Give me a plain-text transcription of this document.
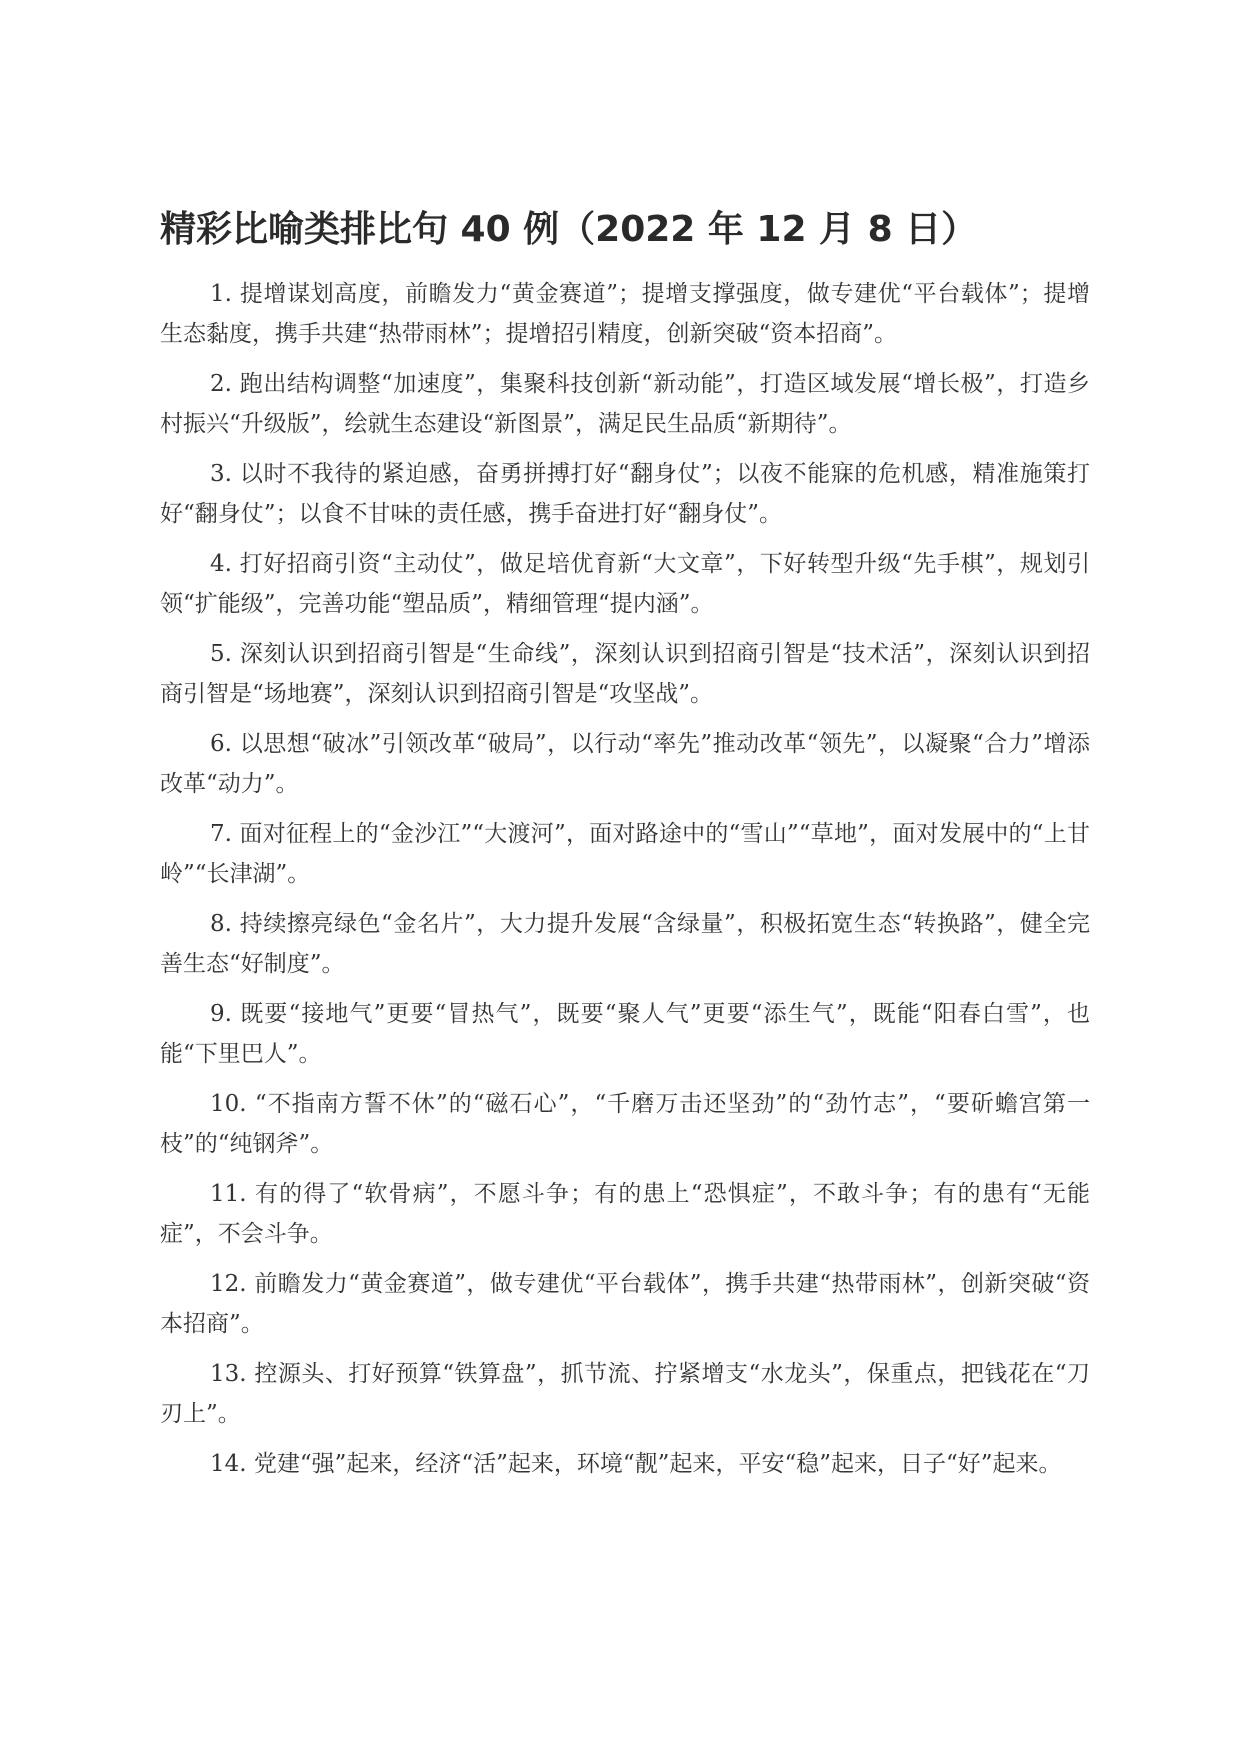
精彩比喻类排比句 40 例（2022 年 12 月 8 日）

1. 提增谋划高度，前瞻发力“黄金赛道”；提增支撑强度，做专建优“平台载体”；提增生态黏度，携手共建“热带雨林”；提增招引精度，创新突破“资本招商”。

2. 跑出结构调整“加速度”，集聚科技创新“新动能”，打造区域发展“增长极”，打造乡村振兴“升级版”，绘就生态建设“新图景”，满足民生品质“新期待”。

3. 以时不我待的紧迫感，奋勇拼搏打好“翻身仗”；以夜不能寐的危机感，精准施策打好“翻身仗”；以食不甘味的责任感，携手奋进打好“翻身仗”。

4. 打好招商引资“主动仗”，做足培优育新“大文章”，下好转型升级“先手棋”，规划引领“扩能级”，完善功能“塑品质”，精细管理“提内涵”。

5. 深刻认识到招商引智是“生命线”，深刻认识到招商引智是“技术活”，深刻认识到招商引智是“场地赛”，深刻认识到招商引智是“攻坚战”。

6. 以思想“破冰”引领改革“破局”，以行动“率先”推动改革“领先”，以凝聚“合力”增添改革“动力”。

7. 面对征程上的“金沙江”“大渡河”，面对路途中的“雪山”“草地”，面对发展中的“上甘岭”“长津湖”。

8. 持续擦亮绿色“金名片”，大力提升发展“含绿量”，积极拓宽生态“转换路”，健全完善生态“好制度”。

9. 既要“接地气”更要“冒热气”，既要“聚人气”更要“添生气”，既能“阳春白雪”，也能“下里巴人”。

10. “不指南方誓不休”的“磁石心”，“千磨万击还坚劲”的“劲竹志”，“要斫蟾宫第一枝”的“纯钢斧”。

11. 有的得了“软骨病”，不愿斗争；有的患上“恐惧症”，不敢斗争；有的患有“无能症”，不会斗争。

12. 前瞻发力“黄金赛道”，做专建优“平台载体”，携手共建“热带雨林”，创新突破“资本招商”。

13. 控源头、打好预算“铁算盘”，抓节流、拧紧增支“水龙头”，保重点，把钱花在“刀刃上”。

14. 党建“强”起来，经济“活”起来，环境“靓”起来，平安“稳”起来，日子“好”起来。
